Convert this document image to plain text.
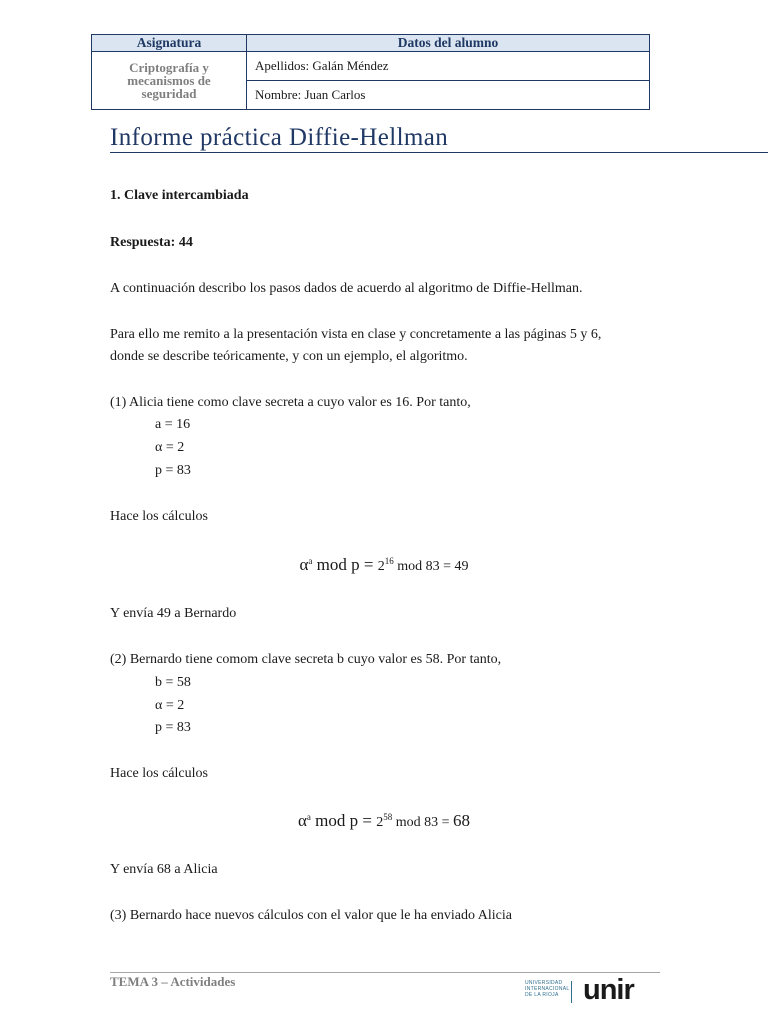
Asignatura	Datos del alumno

Criptografía y
mecanismos de
seguridad	Apellidos: Galán Méndez
	Nombre: Juan Carlos
Informe práctica Diffie-Hellman
1. Clave intercambiada
Respuesta: 44
A continuación describo los pasos dados de acuerdo al algoritmo de Diffie-Hellman.
Para ello me remito a la presentación vista en clase y concretamente a las páginas 5 y 6,
donde se describe teóricamente, y con un ejemplo, el algoritmo.
(1) Alicia tiene como clave secreta a cuyo valor es 16. Por tanto,
a = 16
α = 2
p = 83
Hace los cálculos
$\alpha^a$ mod $p = 2^{16}$ mod 83 = 49
Y envía 49 a Bernardo
(2) Bernardo tiene comom clave secreta b cuyo valor es 58. Por tanto,
b = 58
α = 2
p = 83
Hace los cálculos
$\alpha^a$ mod $p = 2^{58}$ mod 83 = 68
Y envía 68 a Alicia
(3) Bernardo hace nuevos cálculos con el valor que le ha enviado Alicia
TEMA 3 – Actividades	UNIVERSIDAD
INTERNACIONAL
DE LA RIOJA unir
